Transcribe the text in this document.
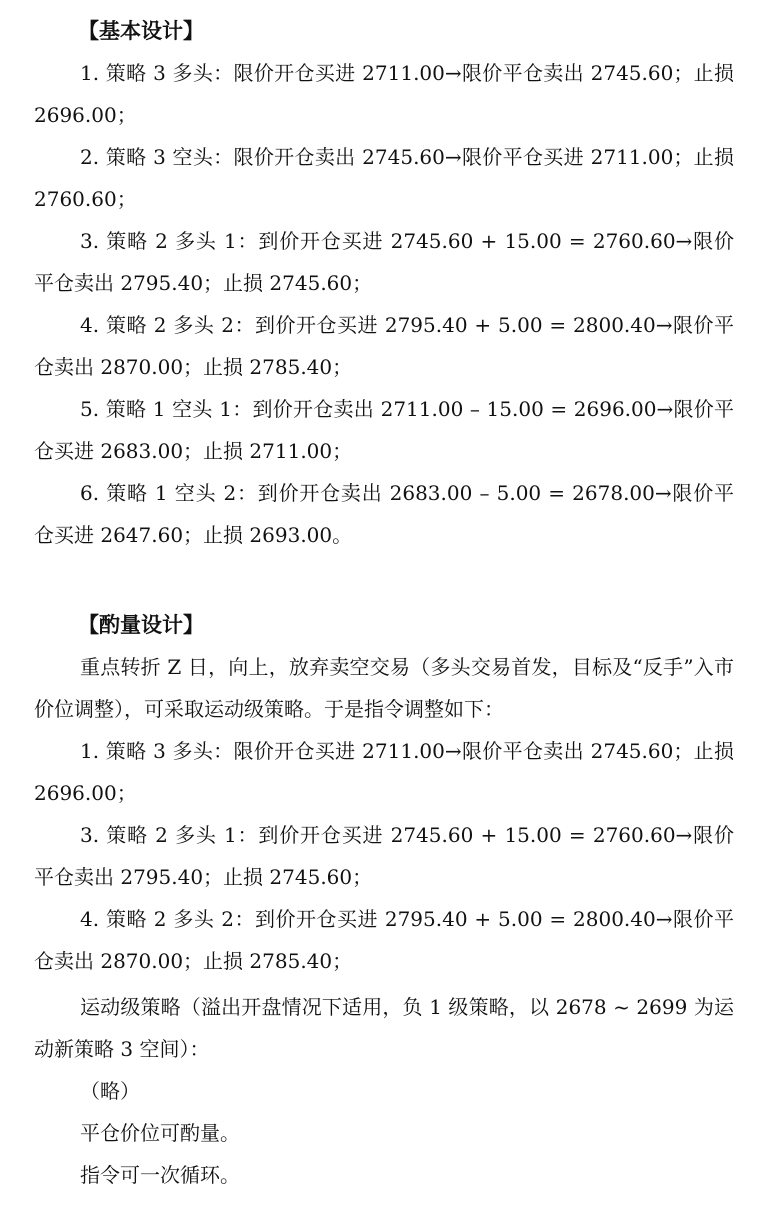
【基本设计】

1. 策略 3 多头：限价开仓买进 2711.00→限价平仓卖出 2745.60；止损 2696.00；

2. 策略 3 空头：限价开仓卖出 2745.60→限价平仓买进 2711.00；止损 2760.60；

3. 策略 2 多头 1：到价开仓买进 2745.60 + 15.00 = 2760.60→限价平仓卖出 2795.40；止损 2745.60；

4. 策略 2 多头 2：到价开仓买进 2795.40 + 5.00 = 2800.40→限价平仓卖出 2870.00；止损 2785.40；

5. 策略 1 空头 1：到价开仓卖出 2711.00 – 15.00 = 2696.00→限价平仓买进 2683.00；止损 2711.00；

6. 策略 1 空头 2：到价开仓卖出 2683.00 – 5.00 = 2678.00→限价平仓买进 2647.60；止损 2693.00。

【酌量设计】

重点转折 Z 日，向上，放弃卖空交易（多头交易首发，目标及“反手”入市价位调整），可采取运动级策略。于是指令调整如下：

1. 策略 3 多头：限价开仓买进 2711.00→限价平仓卖出 2745.60；止损 2696.00；

3. 策略 2 多头 1：到价开仓买进 2745.60 + 15.00 = 2760.60→限价平仓卖出 2795.40；止损 2745.60；

4. 策略 2 多头 2：到价开仓买进 2795.40 + 5.00 = 2800.40→限价平仓卖出 2870.00；止损 2785.40；

运动级策略（溢出开盘情况下适用，负 1 级策略，以 2678 ~ 2699 为运动新策略 3 空间）：

（略）

平仓价位可酌量。

指令可一次循环。
